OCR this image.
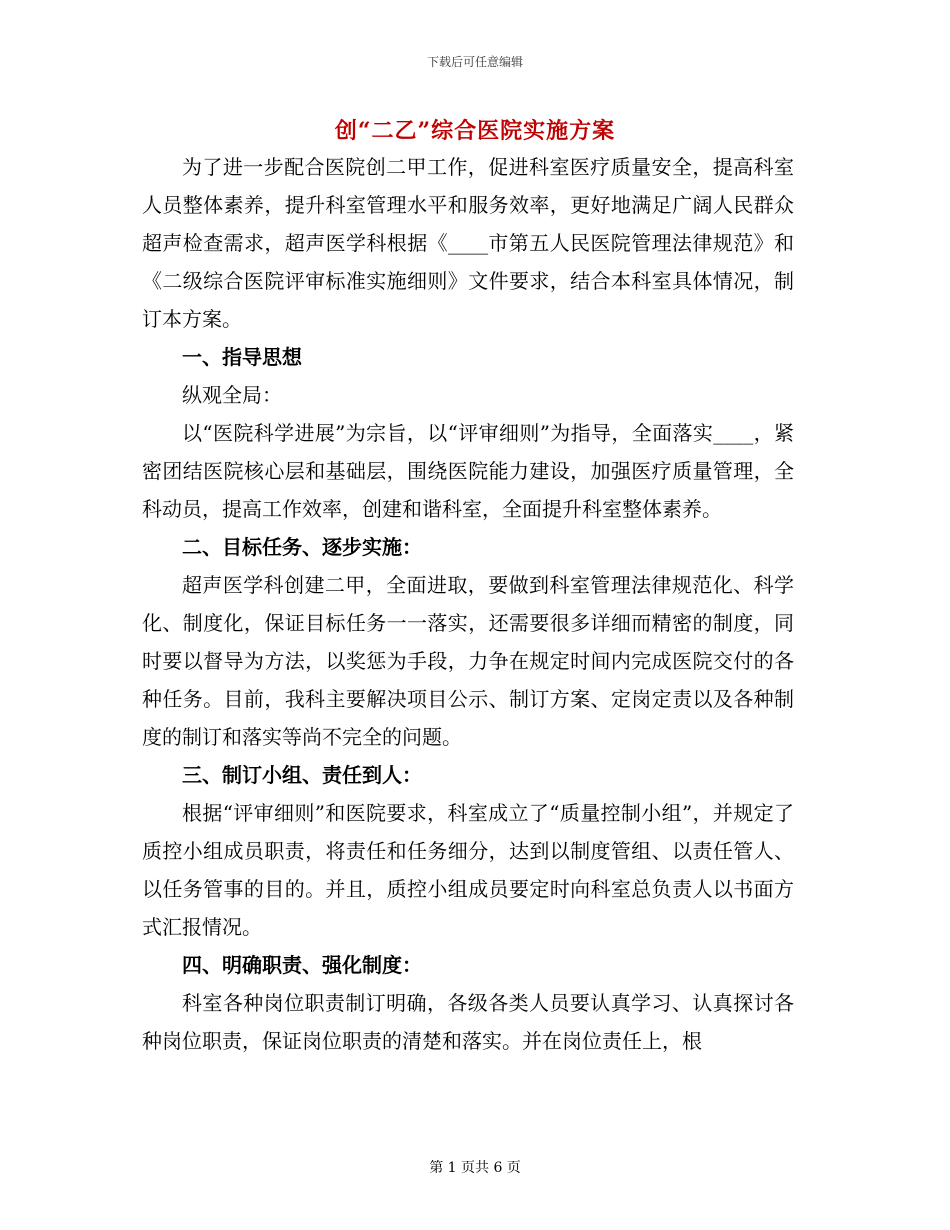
下载后可任意编辑
创“二乙”综合医院实施方案

为了进一步配合医院创二甲工作，促进科室医疗质量安全，提高科室人员整体素养，提升科室管理水平和服务效率，更好地满足广阔人民群众超声检查需求，超声医学科根据《____市第五人民医院管理法律规范》和《二级综合医院评审标准实施细则》文件要求，结合本科室具体情况，制订本方案。

一、指导思想

纵观全局：

以“医院科学进展”为宗旨，以“评审细则”为指导，全面落实____，紧密团结医院核心层和基础层，围绕医院能力建设，加强医疗质量管理，全科动员，提高工作效率，创建和谐科室，全面提升科室整体素养。

二、目标任务、逐步实施：

超声医学科创建二甲，全面进取，要做到科室管理法律规范化、科学化、制度化，保证目标任务一一落实，还需要很多详细而精密的制度，同时要以督导为方法，以奖惩为手段，力争在规定时间内完成医院交付的各种任务。目前，我科主要解决项目公示、制订方案、定岗定责以及各种制度的制订和落实等尚不完全的问题。

三、制订小组、责任到人：

根据“评审细则”和医院要求，科室成立了“质量控制小组”，并规定了质控小组成员职责，将责任和任务细分，达到以制度管组、以责任管人、以任务管事的目的。并且，质控小组成员要定时向科室总负责人以书面方式汇报情况。

四、明确职责、强化制度：

科室各种岗位职责制订明确，各级各类人员要认真学习、认真探讨各种岗位职责，保证岗位职责的清楚和落实。并在岗位责任上，根

第 1 页共 6 页
